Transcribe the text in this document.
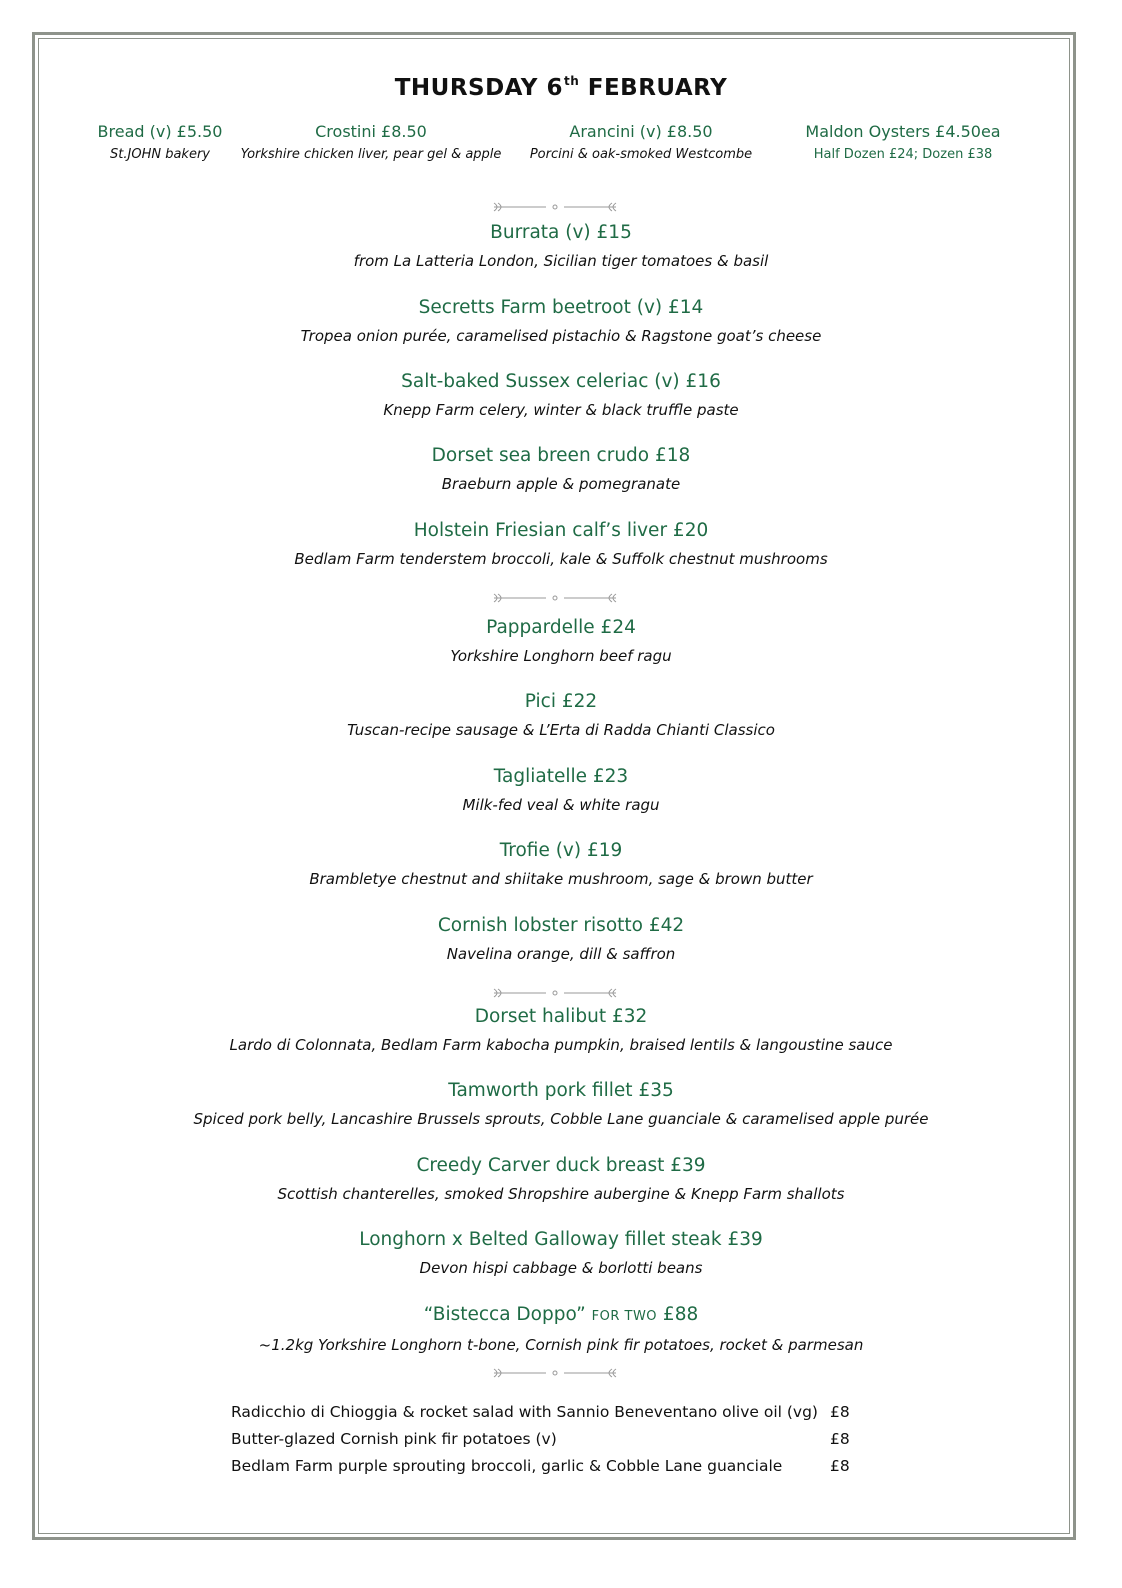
THURSDAY 6th FEBRUARY
Bread (v) £5.50
St.JOHN bakery
Crostini £8.50
Yorkshire chicken liver, pear gel & apple
Arancini (v) £8.50
Porcini & oak-smoked Westcombe
Maldon Oysters £4.50ea
Half Dozen £24; Dozen £38
Burrata (v) £15
from La Latteria London, Sicilian tiger tomatoes & basil
Secretts Farm beetroot (v) £14
Tropea onion purée, caramelised pistachio & Ragstone goat’s cheese
Salt-baked Sussex celeriac (v) £16
Knepp Farm celery, winter & black truffle paste
Dorset sea breen crudo £18
Braeburn apple & pomegranate
Holstein Friesian calf’s liver £20
Bedlam Farm tenderstem broccoli, kale & Suffolk chestnut mushrooms
Pappardelle £24
Yorkshire Longhorn beef ragu
Pici £22
Tuscan-recipe sausage & L’Erta di Radda Chianti Classico
Tagliatelle £23
Milk-fed veal & white ragu
Trofie (v) £19
Brambletye chestnut and shiitake mushroom, sage & brown butter
Cornish lobster risotto £42
Navelina orange, dill & saffron
Dorset halibut £32
Lardo di Colonnata, Bedlam Farm kabocha pumpkin, braised lentils & langoustine sauce
Tamworth pork fillet £35
Spiced pork belly, Lancashire Brussels sprouts, Cobble Lane guanciale & caramelised apple purée
Creedy Carver duck breast £39
Scottish chanterelles, smoked Shropshire aubergine & Knepp Farm shallots
Longhorn x Belted Galloway fillet steak £39
Devon hispi cabbage & borlotti beans
“Bistecca Doppo” FOR TWO £88
~1.2kg Yorkshire Longhorn t-bone, Cornish pink fir potatoes, rocket & parmesan
Radicchio di Chioggia & rocket salad with Sannio Beneventano olive oil (vg) £8
Butter-glazed Cornish pink fir potatoes (v)	£8
Bedlam Farm purple sprouting broccoli, garlic & Cobble Lane guanciale	£8
